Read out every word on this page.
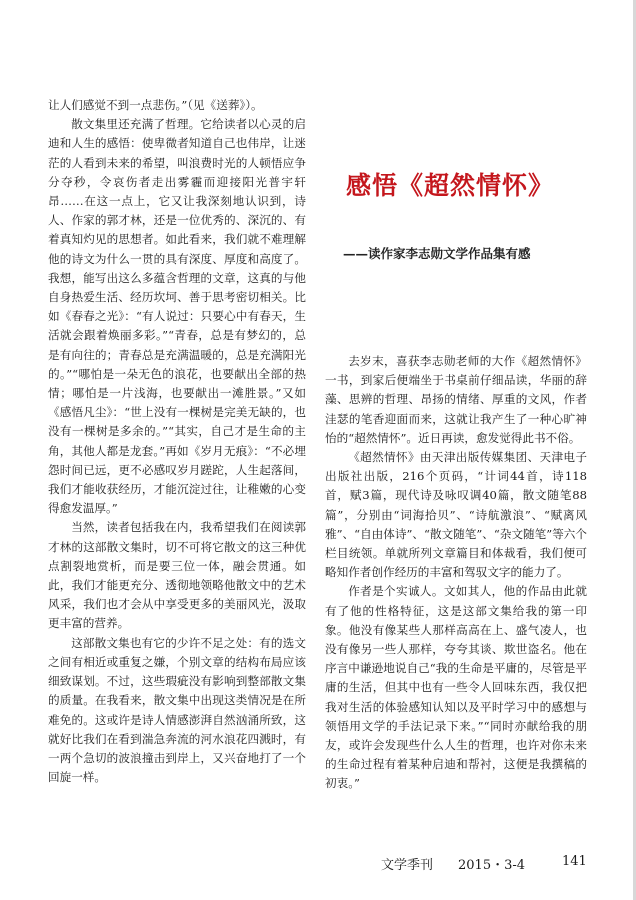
让人们感觉不到一点悲伤。”（见《送葬》）。

散文集里还充满了哲理。它给读者以心灵的启迪和人生的感悟：使卑微者知道自己也伟岸，让迷茫的人看到未来的希望，叫浪费时光的人顿悟应争分夺秒，令哀伤者走出雾霾而迎接阳光普宇轩昂……在这一点上，它又让我深刻地认识到，诗人、作家的郭才林，还是一位优秀的、深沉的、有着真知灼见的思想者。如此看来，我们就不难理解他的诗文为什么一贯的具有深度、厚度和高度了。我想，能写出这么多蕴含哲理的文章，这真的与他自身热爱生活、经历坎坷、善于思考密切相关。比如《春春之光》：“有人说过：只要心中有春天，生活就会跟着焕丽多彩。”“青春，总是有梦幻的，总是有向往的；青春总是充满温暖的，总是充满阳光的。”“哪怕是一朵无色的浪花，也要献出全部的热情；哪怕是一片浅海，也要献出一滩胜景。”又如《感悟凡尘》：“世上没有一棵树是完美无缺的，也没有一棵树是多余的。”“其实，自己才是生命的主角，其他人都是龙套。”再如《岁月无痕》：“不必埋怨时间已远，更不必感叹岁月蹉跎，人生起落间，我们才能收获经历，才能沉淀过往，让稚嫩的心变得愈发温厚。”

当然，读者包括我在内，我希望我们在阅读郭才林的这部散文集时，切不可将它散文的这三种优点割裂地赏析，而是要三位一体，融会贯通。如此，我们才能更充分、透彻地领略他散文中的艺术风采，我们也才会从中享受更多的美丽风光，汲取更丰富的营养。

这部散文集也有它的少许不足之处：有的选文之间有相近或重复之嫌，个别文章的结构布局应该细致谋划。不过，这些瑕疵没有影响到整部散文集的质量。在我看来，散文集中出现这类情况是在所难免的。这或许是诗人情感澎湃自然汹涌所致，这就好比我们在看到湍急奔流的河水浪花四溅时，有一两个急切的波浪撞击到岸上，又兴奋地打了一个回旋一样。

感悟《超然情怀》
——读作家李志勋文学作品集有感

去岁末，喜获李志勋老师的大作《超然情怀》一书，到家后便端坐于书桌前仔细品读，华丽的辞藻、思辨的哲理、昂扬的情绪、厚重的文风，作者洼瑟的笔香迎面而来，这就让我产生了一种心旷神怡的“超然情怀”。近日再读，愈发觉得此书不俗。

《超然情怀》由天津出版传媒集团、天津电子出版社出版，216个页码，“计词44首，诗118首，赋3篇，现代诗及咏叹调40篇，散文随笔88篇”，分别由“词海拾贝”、“诗航激浪”、“赋离风雅”、“自由体诗”、“散文随笔”、“杂文随笔”等六个栏目统领。单就所列文章篇目和体裁看，我们便可略知作者创作经历的丰富和驾驭文字的能力了。

作者是个实诚人。文如其人，他的作品由此就有了他的性格特征，这是这部文集给我的第一印象。他没有像某些人那样高高在上、盛气凌人，也没有像另一些人那样，夸夸其谈、欺世盗名。他在序言中谦逊地说自己“我的生命是平庸的，尽管是平庸的生活，但其中也有一些令人回味东西，我仅把我对生活的体验感知认知以及平时学习中的感想与领悟用文学的手法记录下来。”“同时亦献给我的朋友，或许会发现些什么人生的哲理，也许对你未来的生命过程有着某种启迪和帮衬，这便是我撰稿的初衷。”

文学季刊 2015・3-4	141
